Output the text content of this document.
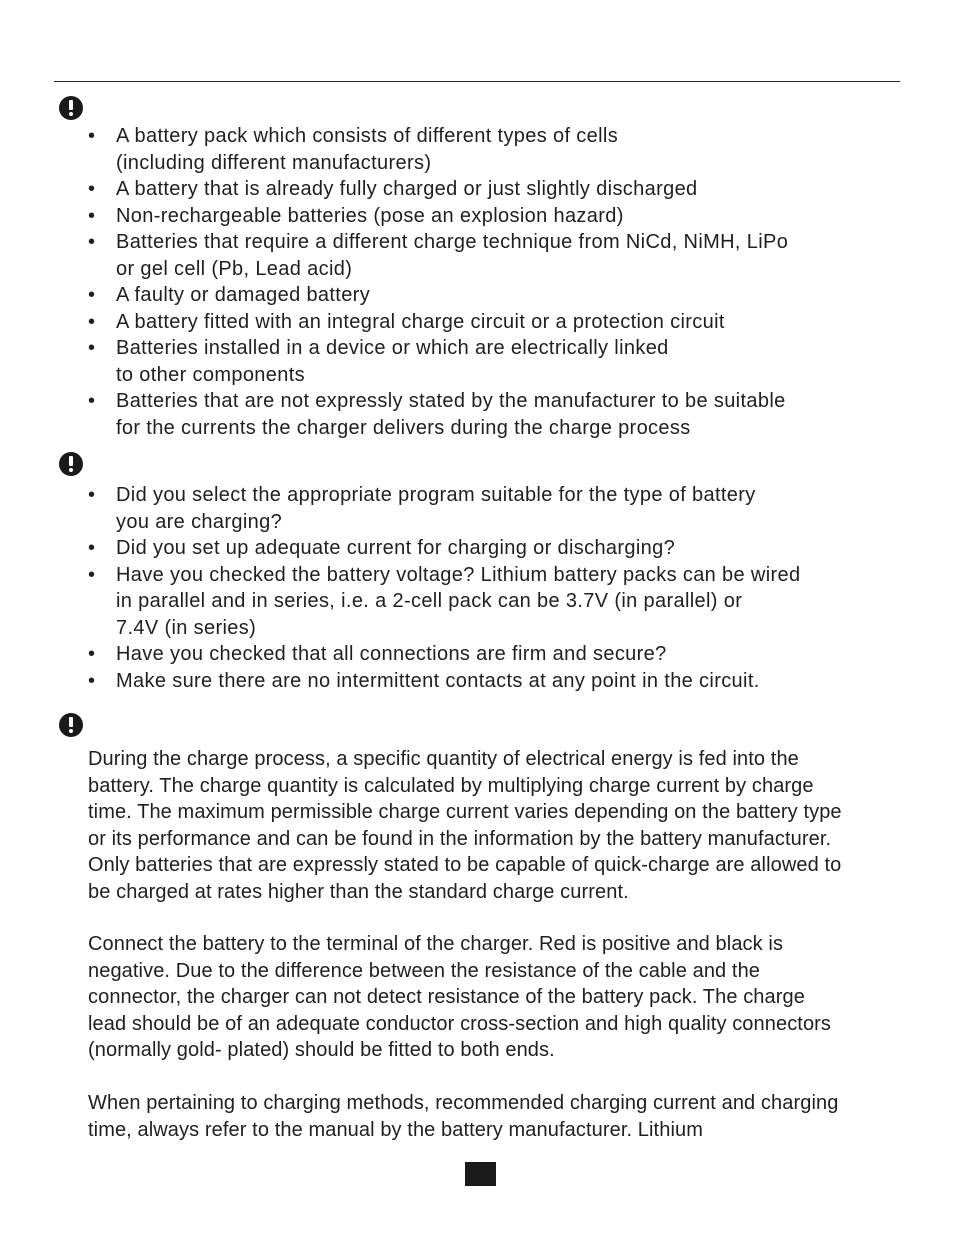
• A battery pack which consists of different types of cells
(including different manufacturers)
• A battery that is already fully charged or just slightly discharged
• Non-rechargeable batteries (pose an explosion hazard)
• Batteries that require a different charge technique from NiCd, NiMH, LiPo
or gel cell (Pb, Lead acid)
• A faulty or damaged battery
• A battery fitted with an integral charge circuit or a protection circuit
• Batteries installed in a device or which are electrically linked
to other components
• Batteries that are not expressly stated by the manufacturer to be suitable
for the currents the charger delivers during the charge process
• Did you select the appropriate program suitable for the type of battery
you are charging?
• Did you set up adequate current for charging or discharging?
• Have you checked the battery voltage? Lithium battery packs can be wired
in parallel and in series, i.e. a 2-cell pack can be 3.7V (in parallel) or
7.4V (in series)
• Have you checked that all connections are firm and secure?
• Make sure there are no intermittent contacts at any point in the circuit.

During the charge process, a specific quantity of electrical energy is fed into the
battery. The charge quantity is calculated by multiplying charge current by charge
time. The maximum permissible charge current varies depending on the battery type
or its performance and can be found in the information by the battery manufacturer.
Only batteries that are expressly stated to be capable of quick-charge are allowed to
be charged at rates higher than the standard charge current.

Connect the battery to the terminal of the charger. Red is positive and black is
negative. Due to the difference between the resistance of the cable and the
connector, the charger can not detect resistance of the battery pack. The charge
lead should be of an adequate conductor cross-section and high quality connectors
(normally gold- plated) should be fitted to both ends.

When pertaining to charging methods, recommended charging current and charging
time, always refer to the manual by the battery manufacturer. Lithium
